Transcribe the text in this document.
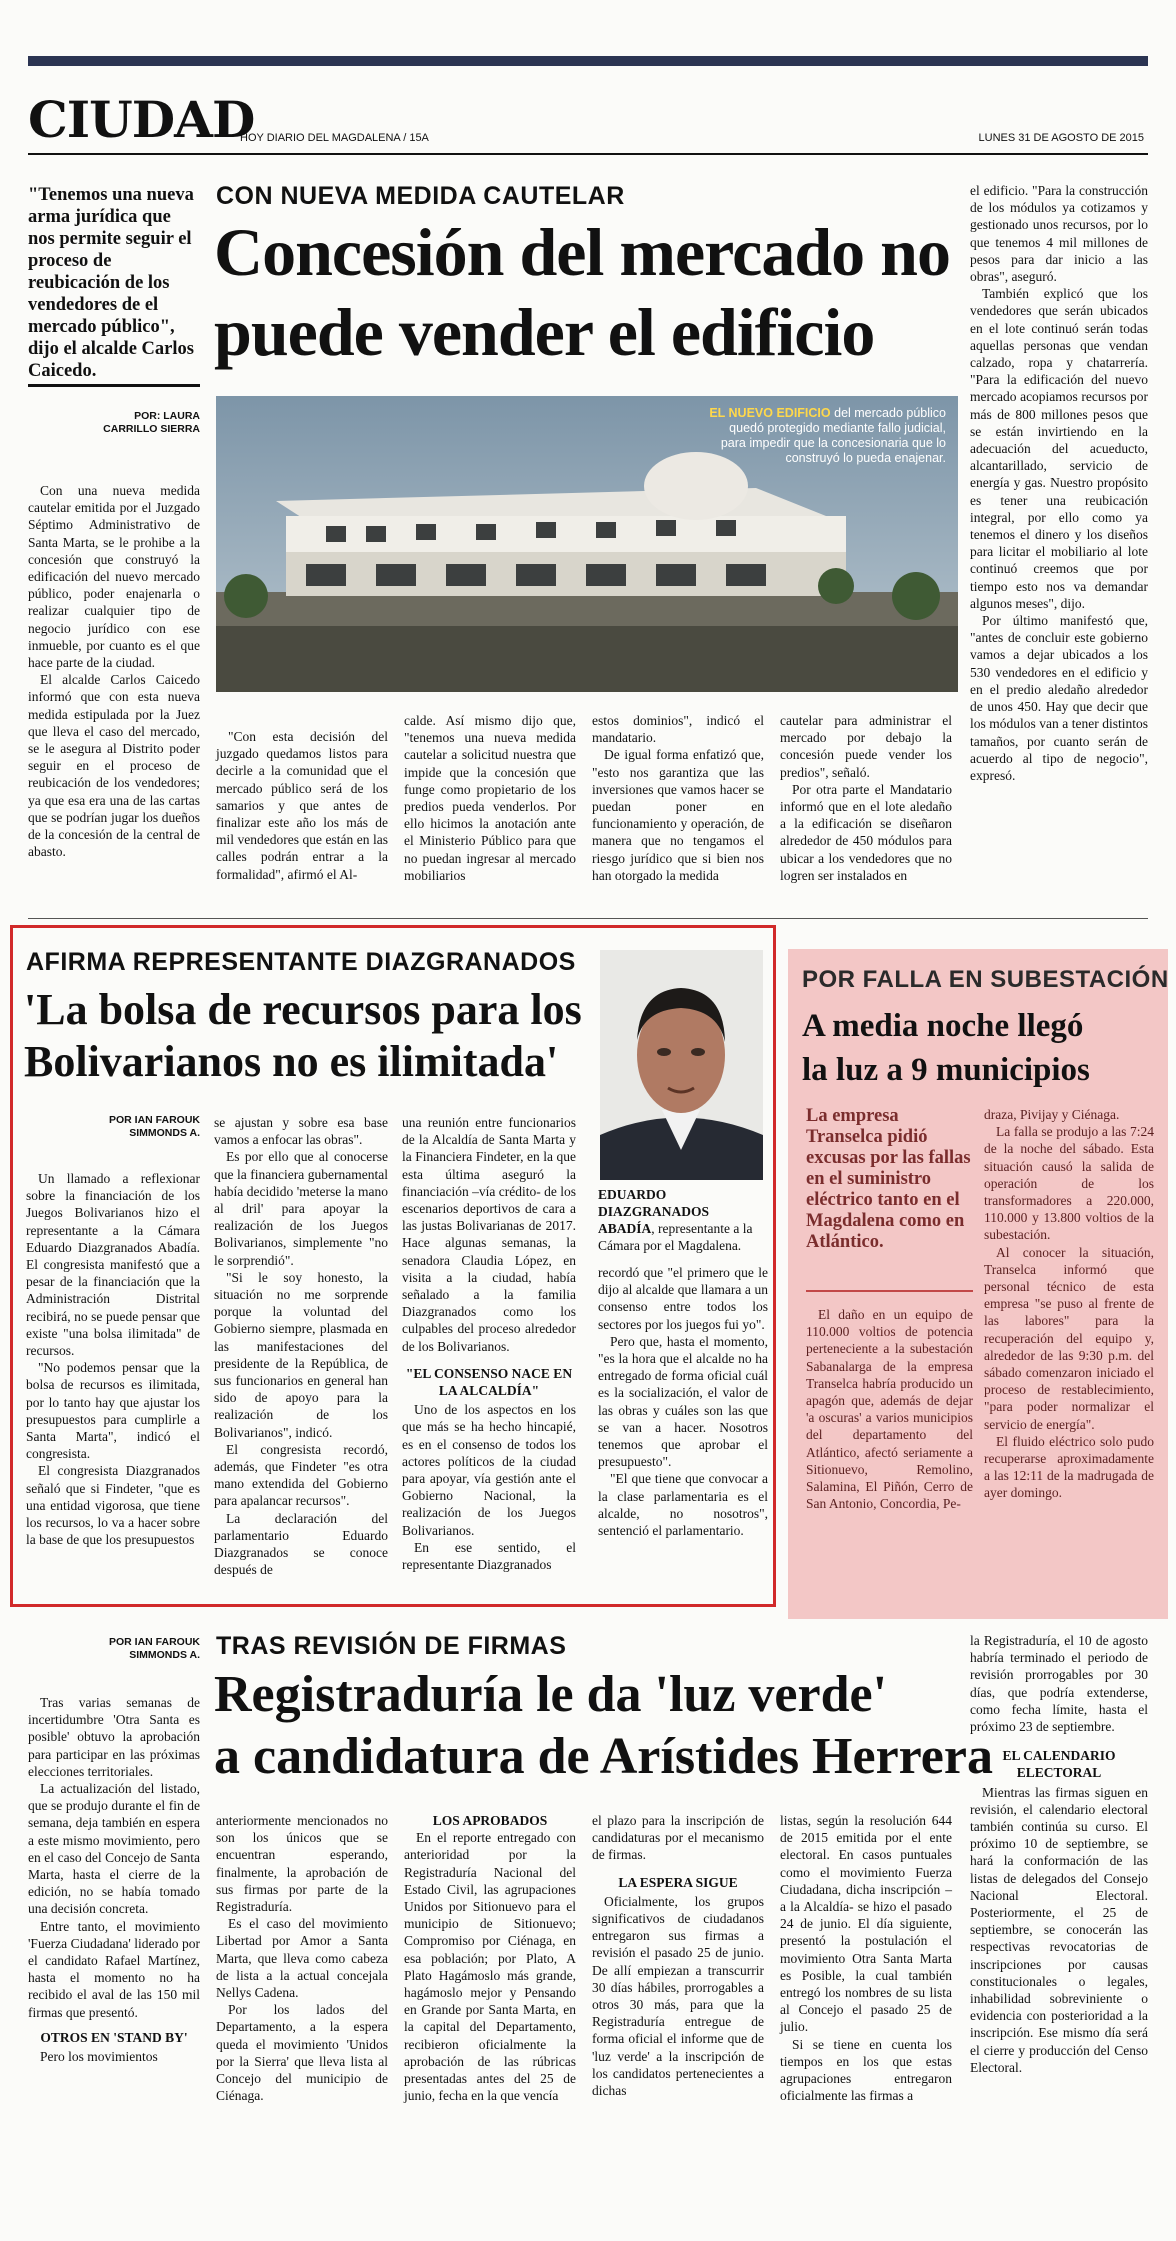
CIUDAD
HOY DIARIO DEL MAGDALENA / 15A	LUNES 31 DE AGOSTO DE 2015
"Tenemos una nueva arma jurídica que nos permite seguir el proceso de reubicación de los vendedores de el mercado público", dijo el alcalde Carlos Caicedo.
POR: LAURA CARRILLO SIERRA
CON NUEVA MEDIDA CAUTELAR
Concesión del mercado no
puede vender el edificio
EL NUEVO EDIFICIO del mercado público quedó protegido mediante fallo judicial, para impedir que la concesionaria que lo construyó lo pueda enajenar.

Con una nueva medida cautelar emitida por el Juzgado Séptimo Administrativo de Santa Marta, se le prohibe a la concesión que construyó la edificación del nuevo mercado público, poder enajenarla o realizar cualquier tipo de negocio jurídico con ese inmueble, por cuanto es el que hace parte de la ciudad.

El alcalde Carlos Caicedo informó que con esta nueva medida estipulada por la Juez que lleva el caso del mercado, se le asegura al Distrito poder seguir en el proceso de reubicación de los vendedores; ya que esa era una de las cartas que se podrían jugar los dueños de la concesión de la central de abasto.

"Con esta decisión del juzgado quedamos listos para decirle a la comunidad que el mercado público será de los samarios y que antes de finalizar este año los más de mil vendedores que están en las calles podrán entrar a la formalidad", afirmó el Al-

calde. Así mismo dijo que, "tenemos una nueva medida cautelar a solicitud nuestra que impide que la concesión que funge como propietario de los predios pueda venderlos. Por ello hicimos la anotación ante el Ministerio Público para que no puedan ingresar al mercado mobiliarios

estos dominios", indicó el mandatario.

De igual forma enfatizó que, "esto nos garantiza que las inversiones que vamos hacer se puedan poner en funcionamiento y operación, de manera que no tengamos el riesgo jurídico que si bien nos han otorgado la medida

cautelar para administrar el mercado por debajo la concesión puede vender los predios", señaló.

Por otra parte el Mandatario informó que en el lote aledaño a la edificación se diseñaron alrededor de 450 módulos para ubicar a los vendedores que no logren ser instalados en

el edificio. "Para la construcción de los módulos ya cotizamos y gestionado unos recursos, por lo que tenemos 4 mil millones de pesos para dar inicio a las obras", aseguró.

También explicó que los vendedores que serán ubicados en el lote continuó serán todas aquellas personas que vendan calzado, ropa y chatarrería. "Para la edificación del nuevo mercado acopiamos recursos por más de 800 millones pesos que se están invirtiendo en la adecuación del acueducto, alcantarillado, servicio de energía y gas. Nuestro propósito es tener una reubicación integral, por ello como ya tenemos el dinero y los diseños para licitar el mobiliario al lote continuó creemos que por tiempo esto nos va demandar algunos meses", dijo.

Por último manifestó que, "antes de concluir este gobierno vamos a dejar ubicados a los 530 vendedores en el edificio y en el predio aledaño alrededor de unos 450. Hay que decir que los módulos van a tener distintos tamaños, por cuanto serán de acuerdo al tipo de negocio", expresó.

AFIRMA REPRESENTANTE DIAZGRANADOS
'La bolsa de recursos para los
Bolivarianos no es ilimitada'
EDUARDO DIAZGRANADOS ABADÍA, representante a la Cámara por el Magdalena.
POR IAN FAROUK SIMMONDS A.

Un llamado a reflexionar sobre la financiación de los Juegos Bolivarianos hizo el representante a la Cámara Eduardo Diazgranados Abadía. El congresista manifestó que a pesar de la financiación que la Administración Distrital recibirá, no se puede pensar que existe "una bolsa ilimitada" de recursos.

"No podemos pensar que la bolsa de recursos es ilimitada, por lo tanto hay que ajustar los presupuestos para cumplirle a Santa Marta", indicó el congresista.

El congresista Diazgranados señaló que si Findeter, "que es una entidad vigorosa, que tiene los recursos, lo va a hacer sobre la base de que los presupuestos

se ajustan y sobre esa base vamos a enfocar las obras".

Es por ello que al conocerse que la financiera gubernamental había decidido 'meterse la mano al dril' para apoyar la realización de los Juegos Bolivarianos, simplemente "no le sorprendió".

"Si le soy honesto, la situación no me sorprende porque la voluntad del Gobierno siempre, plasmada en las manifestaciones del presidente de la República, de sus funcionarios en general han sido de apoyo para la realización de los Bolivarianos", indicó.

El congresista recordó, además, que Findeter "es otra mano extendida del Gobierno para apalancar recursos".

La declaración del parlamentario Eduardo Diazgranados se conoce después de

una reunión entre funcionarios de la Alcaldía de Santa Marta y la Financiera Findeter, en la que esta última aseguró la financiación –vía crédito- de los escenarios deportivos de cara a las justas Bolivarianas de 2017. Hace algunas semanas, la senadora Claudia López, en visita a la ciudad, había señalado a la familia Diazgranados como los culpables del proceso alrededor de los Bolivarianos.

"EL CONSENSO NACE EN LA ALCALDÍA"

Uno de los aspectos en los que más se ha hecho hincapié, es en el consenso de todos los actores políticos de la ciudad para apoyar, vía gestión ante el Gobierno Nacional, la realización de los Juegos Bolivarianos.

En ese sentido, el representante Diazgranados

recordó que "el primero que le dijo al alcalde que llamara a un consenso entre todos los sectores por los juegos fui yo".

Pero que, hasta el momento, "es la hora que el alcalde no ha entregado de forma oficial cuál es la socialización, el valor de las obras y cuáles son las que se van a hacer. Nosotros tenemos que aprobar el presupuesto".

"El que tiene que convocar a la clase parlamentaria es el alcalde, no nosotros", sentenció el parlamentario.

POR FALLA EN SUBESTACIÓN
A media noche llegó
la luz a 9 municipios
La empresa Transelca pidió excusas por las fallas en el suministro eléctrico tanto en el Magdalena como en Atlántico.

El daño en un equipo de 110.000 voltios de potencia perteneciente a la subestación Sabanalarga de la empresa Transelca habría producido un apagón que, además de dejar 'a oscuras' a varios municipios del departamento del Atlántico, afectó seriamente a Sitionuevo, Remolino, Salamina, El Piñón, Cerro de San Antonio, Concordia, Pe-

draza, Pivijay y Ciénaga.

La falla se produjo a las 7:24 de la noche del sábado. Esta situación causó la salida de operación de los transformadores a 220.000, 110.000 y 13.800 voltios de la subestación.

Al conocer la situación, Transelca informó que personal técnico de esta empresa "se puso al frente de las labores" para la recuperación del equipo y, alrededor de las 9:30 p.m. del sábado comenzaron iniciado el proceso de restablecimiento, "para poder normalizar el servicio de energía".

El fluido eléctrico solo pudo recuperarse aproximadamente a las 12:11 de la madrugada de ayer domingo.

POR IAN FAROUK SIMMONDS A. TRAS REVISIÓN DE FIRMAS
Registraduría le da 'luz verde'
a candidatura de Arístides Herrera

Tras varias semanas de incertidumbre 'Otra Santa es posible' obtuvo la aprobación para participar en las próximas elecciones territoriales.

La actualización del listado, que se produjo durante el fin de semana, deja también en espera a este mismo movimiento, pero en el caso del Concejo de Santa Marta, hasta el cierre de la edición, no se había tomado una decisión concreta.

Entre tanto, el movimiento 'Fuerza Ciudadana' liderado por el candidato Rafael Martínez, hasta el momento no ha recibido el aval de las 150 mil firmas que presentó.

OTROS EN 'STAND BY'

Pero los movimientos

anteriormente mencionados no son los únicos que se encuentran esperando, finalmente, la aprobación de sus firmas por parte de la Registraduría.

Es el caso del movimiento Libertad por Amor a Santa Marta, que lleva como cabeza de lista a la actual concejala Nellys Cadena.

Por los lados del Departamento, a la espera queda el movimiento 'Unidos por la Sierra' que lleva lista al Concejo del municipio de Ciénaga.

LOS APROBADOS

En el reporte entregado con anterioridad por la Registraduría Nacional del Estado Civil, las agrupaciones Unidos por Sitionuevo para el municipio de Sitionuevo; Compromiso por Ciénaga, en esa población; por Plato, A Plato Hagámoslo más grande, hagámoslo mejor y Pensando en Grande por Santa Marta, en la capital del Departamento, recibieron oficialmente la aprobación de las rúbricas presentadas antes del 25 de junio, fecha en la que vencía

el plazo para la inscripción de candidaturas por el mecanismo de firmas.

LA ESPERA SIGUE

Oficialmente, los grupos significativos de ciudadanos entregaron sus firmas a revisión el pasado 25 de junio. De allí empiezan a transcurrir 30 días hábiles, prorrogables a otros 30 más, para que la Registraduría entregue de forma oficial el informe que de 'luz verde' a la inscripción de los candidatos pertenecientes a dichas

listas, según la resolución 644 de 2015 emitida por el ente electoral. En casos puntuales como el movimiento Fuerza Ciudadana, dicha inscripción –a la Alcaldía- se hizo el pasado 24 de junio. El día siguiente, presentó la postulación el movimiento Otra Santa Marta es Posible, la cual también entregó los nombres de su lista al Concejo el pasado 25 de julio.

Si se tiene en cuenta los tiempos en los que estas agrupaciones entregaron oficialmente las firmas a

la Registraduría, el 10 de agosto habría terminado el periodo de revisión prorrogables por 30 días, que podría extenderse, como fecha límite, hasta el próximo 23 de septiembre.

EL CALENDARIO ELECTORAL

Mientras las firmas siguen en revisión, el calendario electoral también continúa su curso. El próximo 10 de septiembre, se hará la conformación de las listas de delegados del Consejo Nacional Electoral. Posteriormente, el 25 de septiembre, se conocerán las respectivas revocatorias de inscripciones por causas constitucionales o legales, inhabilidad sobreviniente o evidencia con posterioridad a la inscripción. Ese mismo día será el cierre y producción del Censo Electoral.
